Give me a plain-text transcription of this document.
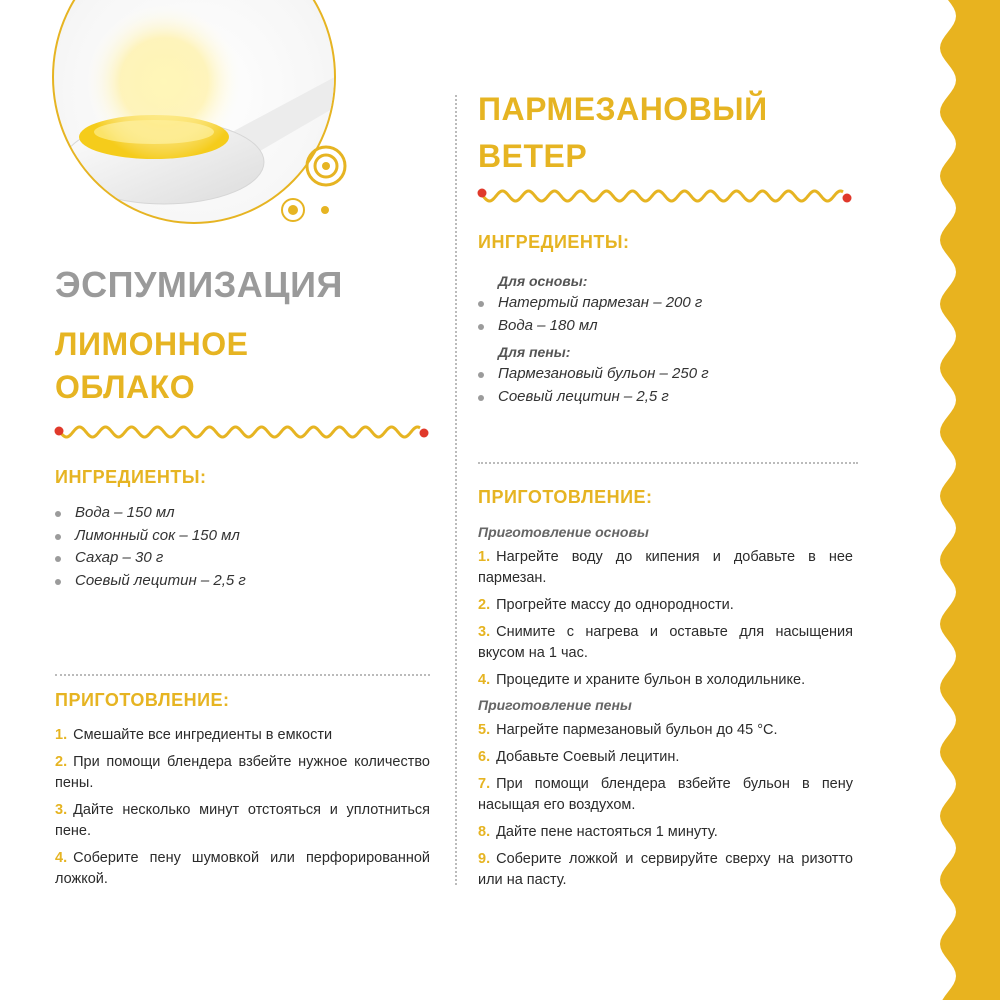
ЭСПУМИЗАЦИЯ
ЛИМОННОЕ
ОБЛАКО
ИНГРЕДИЕНТЫ:
Вода – 150 мл
Лимонный сок – 150 мл
Сахар – 30 г
Соевый лецитин – 2,5 г
ПРИГОТОВЛЕНИЕ:
1. Смешайте все ингредиенты в емкости
2. При помощи блендера взбейте нужное количество пены.
3. Дайте несколько минут отстояться и уплотниться пене.
4. Соберите пену шумовкой или перфорированной ложкой.
ПАРМЕЗАНОВЫЙ
ВЕТЕР
ИНГРЕДИЕНТЫ:
Для основы:
Натертый пармезан – 200 г
Вода – 180 мл
Для пены:
Пармезановый бульон – 250 г
Соевый лецитин – 2,5 г
ПРИГОТОВЛЕНИЕ:
Приготовление основы
1. Нагрейте воду до кипения и добавьте в нее пармезан.
2. Прогрейте массу до однородности.
3. Снимите с нагрева и оставьте для насыщения вкусом на 1 час.
4. Процедите и храните бульон в холодильнике.
Приготовление пены
5. Нагрейте пармезановый бульон до 45 °С.
6. Добавьте Соевый лецитин.
7. При помощи блендера взбейте бульон в пену насыщая его воздухом.
8. Дайте пене настояться 1 минуту.
9. Соберите ложкой и сервируйте сверху на ризотто или на пасту.
